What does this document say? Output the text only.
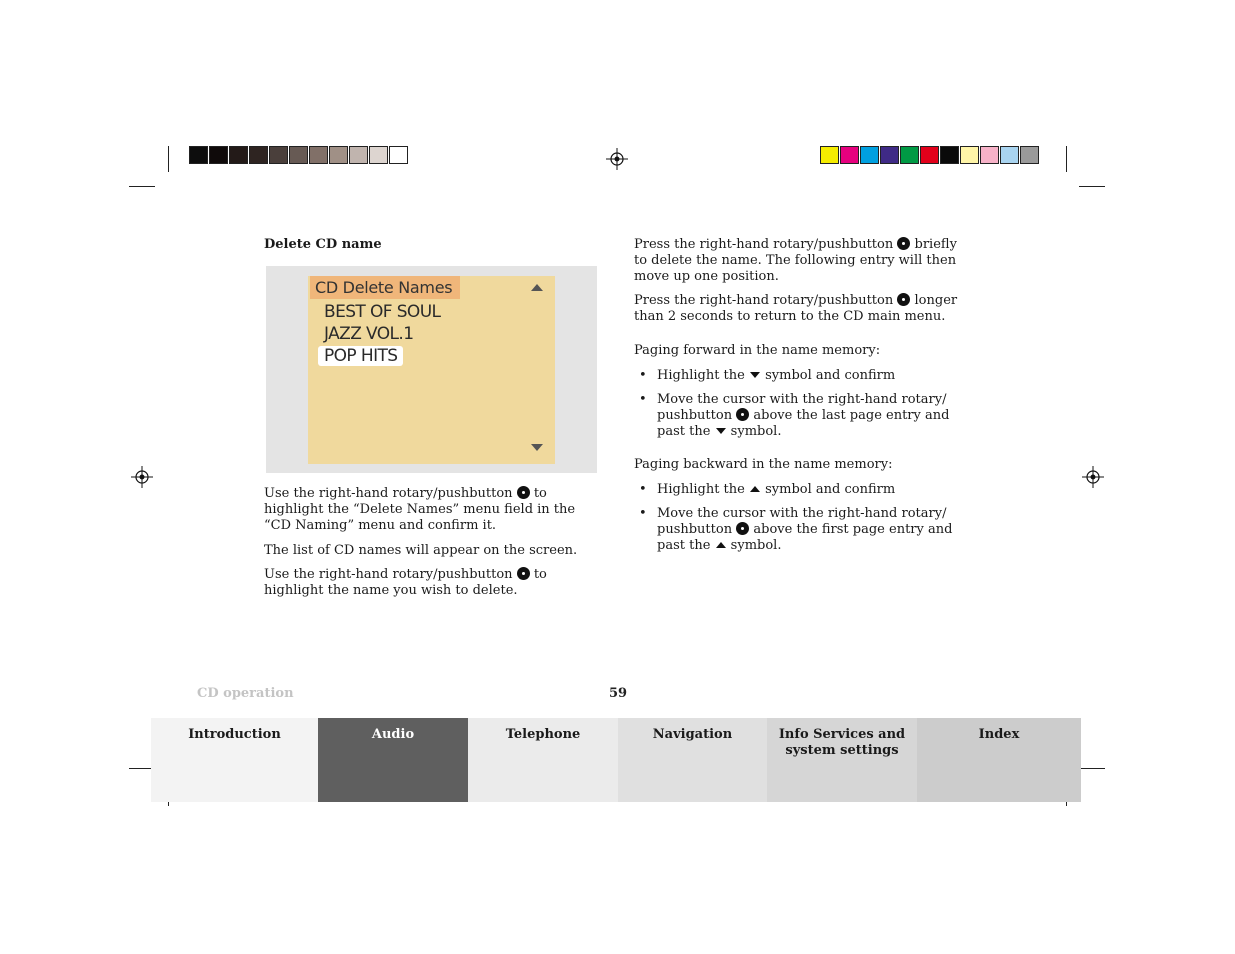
Delete CD name
CD Delete Names
BEST OF SOUL
JAZZ VOL.1
POP HITS

Use the right-hand rotary/pushbutton to highlight the “Delete Names” menu field in the “CD Naming” menu and confirm it.

The list of CD names will appear on the screen.

Use the right-hand rotary/pushbutton to highlight the name you wish to delete.

Press the right-hand rotary/pushbutton briefly to delete the name. The following entry will then move up one position.

Press the right-hand rotary/pushbutton longer than 2 seconds to return to the CD main menu.

Paging forward in the name memory:

• Highlight the symbol and confirm
• Move the cursor with the right-hand rotary/ pushbutton above the last page entry and past the symbol.

Paging backward in the name memory:

• Highlight the symbol and confirm
• Move the cursor with the right-hand rotary/ pushbutton above the first page entry and past the symbol.
CD operation	59
Introduction	Audio	Telephone	Navigation	Info Services and
system settings
Index
